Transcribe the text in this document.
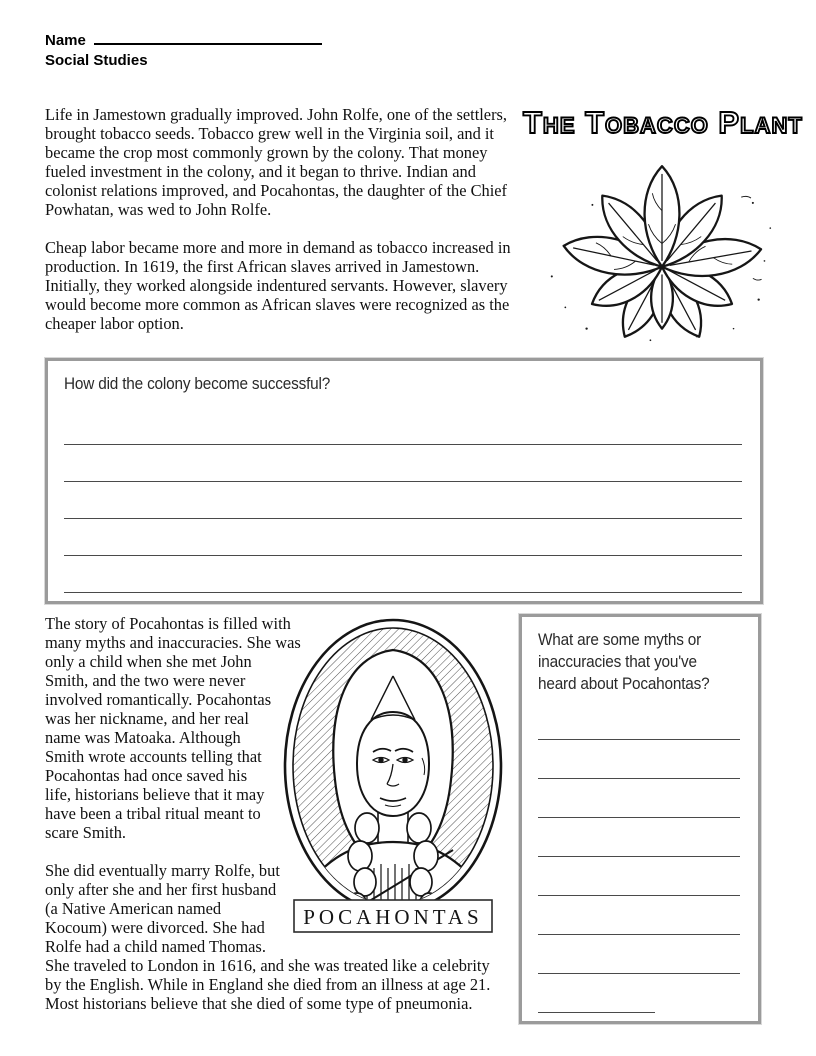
Name
Social Studies

Life in Jamestown gradually improved. John Rolfe, one of the settlers, brought tobacco seeds. Tobacco grew well in the Virginia soil, and it became the crop most commonly grown by the colony. That money fueled investment in the colony, and it began to thrive. Indian and colonist relations improved, and Pocahontas, the daughter of the Chief Powhatan, was wed to John Rolfe.

Cheap labor became more and more in demand as tobacco increased in production. In 1619, the first African slaves arrived in Jamestown. Initially, they worked alongside indentured servants. However, slavery would become more common as African slaves were recognized as the cheaper labor option.

The Tobacco Plant
How did the colony become successful?
POCAHONTAS

The story of Pocahontas is filled with many myths and inaccuracies. She was only a child when she met John Smith, and the two were never involved romantically. Pocahontas was her nickname, and her real name was Matoaka. Although Smith wrote accounts telling that Pocahontas had once saved his life, historians believe that it may have been a tribal ritual meant to scare Smith.

She did eventually marry Rolfe, but only after she and her first husband (a Native American named Kocoum) were divorced. She had Rolfe had a child named Thomas. She traveled to London in 1616, and she was treated like a celebrity by the English. While in England she died from an illness at age 21. Most historians believe that she died of some type of pneumonia.

What are some myths or inaccuracies that you've heard about Pocahontas?
